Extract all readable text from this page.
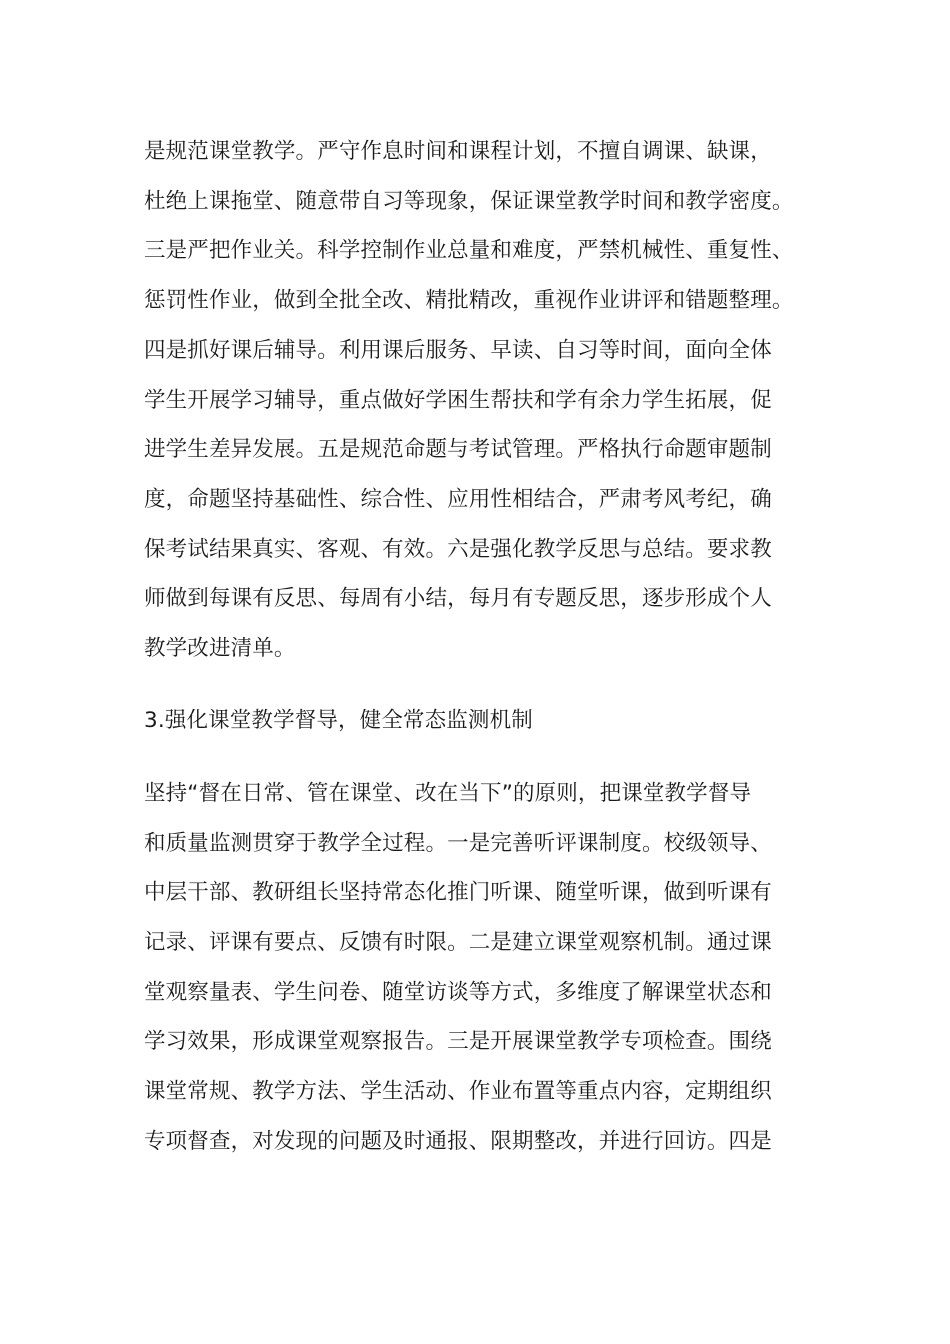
是规范课堂教学。严守作息时间和课程计划，不擅自调课、缺课，
杜绝上课拖堂、随意带自习等现象，保证课堂教学时间和教学密度。
三是严把作业关。科学控制作业总量和难度，严禁机械性、重复性、
惩罚性作业，做到全批全改、精批精改，重视作业讲评和错题整理。
四是抓好课后辅导。利用课后服务、早读、自习等时间，面向全体
学生开展学习辅导，重点做好学困生帮扶和学有余力学生拓展，促
进学生差异发展。五是规范命题与考试管理。严格执行命题审题制
度，命题坚持基础性、综合性、应用性相结合，严肃考风考纪，确
保考试结果真实、客观、有效。六是强化教学反思与总结。要求教
师做到每课有反思、每周有小结，每月有专题反思，逐步形成个人
教学改进清单。
3.强化课堂教学督导，健全常态监测机制
坚持“督在日常、管在课堂、改在当下”的原则，把课堂教学督导
和质量监测贯穿于教学全过程。一是完善听评课制度。校级领导、
中层干部、教研组长坚持常态化推门听课、随堂听课，做到听课有
记录、评课有要点、反馈有时限。二是建立课堂观察机制。通过课
堂观察量表、学生问卷、随堂访谈等方式，多维度了解课堂状态和
学习效果，形成课堂观察报告。三是开展课堂教学专项检查。围绕
课堂常规、教学方法、学生活动、作业布置等重点内容，定期组织
专项督查，对发现的问题及时通报、限期整改，并进行回访。四是
